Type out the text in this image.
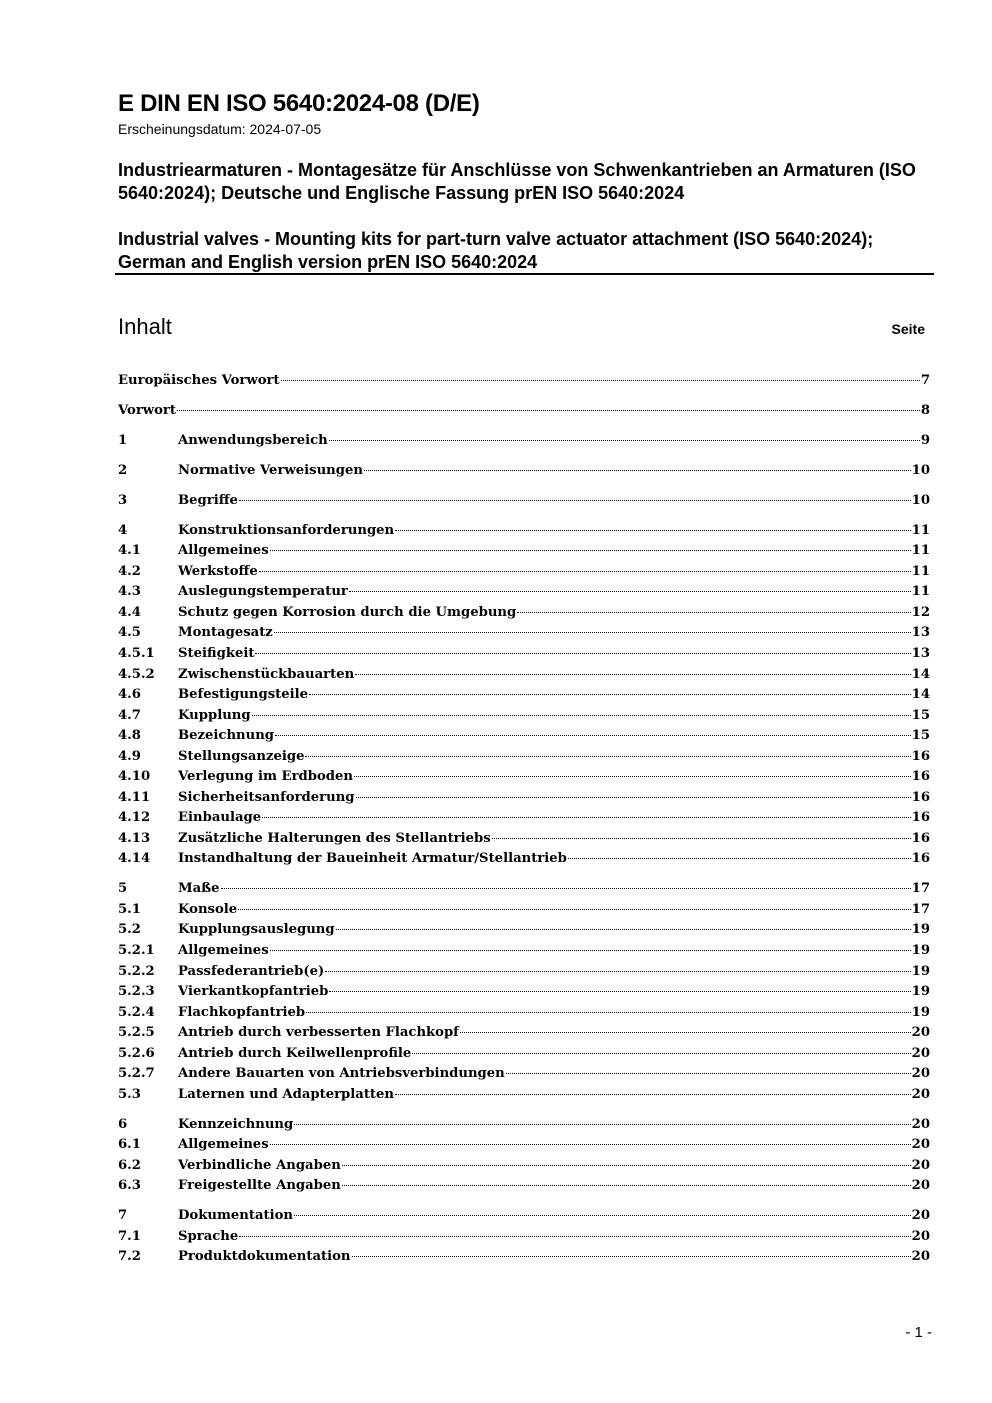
E DIN EN ISO 5640:2024-08 (D/E)
Erscheinungsdatum: 2024-07-05
Industriearmaturen - Montagesätze für Anschlüsse von Schwenkantrieben an Armaturen (ISO 5640:2024); Deutsche und Englische Fassung prEN ISO 5640:2024
Industrial valves - Mounting kits for part-turn valve actuator attachment (ISO 5640:2024); German and English version prEN ISO 5640:2024
Inhalt	Seite
Europäisches Vorwort	7
Vorwort	8
1	Anwendungsbereich	9
2	Normative Verweisungen	10
3	Begriffe	10
4	Konstruktionsanforderungen	11
4.1	Allgemeines	11
4.2	Werkstoffe	11
4.3	Auslegungstemperatur	11
4.4	Schutz gegen Korrosion durch die Umgebung	12
4.5	Montagesatz	13
4.5.1	Steifigkeit	13
4.5.2	Zwischenstückbauarten	14
4.6	Befestigungsteile	14
4.7	Kupplung	15
4.8	Bezeichnung	15
4.9	Stellungsanzeige	16
4.10	Verlegung im Erdboden	16
4.11	Sicherheitsanforderung	16
4.12	Einbaulage	16
4.13	Zusätzliche Halterungen des Stellantriebs	16
4.14	Instandhaltung der Baueinheit Armatur/Stellantrieb	16
5	Maße	17
5.1	Konsole	17
5.2	Kupplungsauslegung	19
5.2.1	Allgemeines	19
5.2.2	Passfederantrieb(e)	19
5.2.3	Vierkantkopfantrieb	19
5.2.4	Flachkopfantrieb	19
5.2.5	Antrieb durch verbesserten Flachkopf	20
5.2.6	Antrieb durch Keilwellenprofile	20
5.2.7	Andere Bauarten von Antriebsverbindungen	20
5.3	Laternen und Adapterplatten	20
6	Kennzeichnung	20
6.1	Allgemeines	20
6.2	Verbindliche Angaben	20
6.3	Freigestellte Angaben	20
7	Dokumentation	20
7.1	Sprache	20
7.2	Produktdokumentation	20
- 1 -
